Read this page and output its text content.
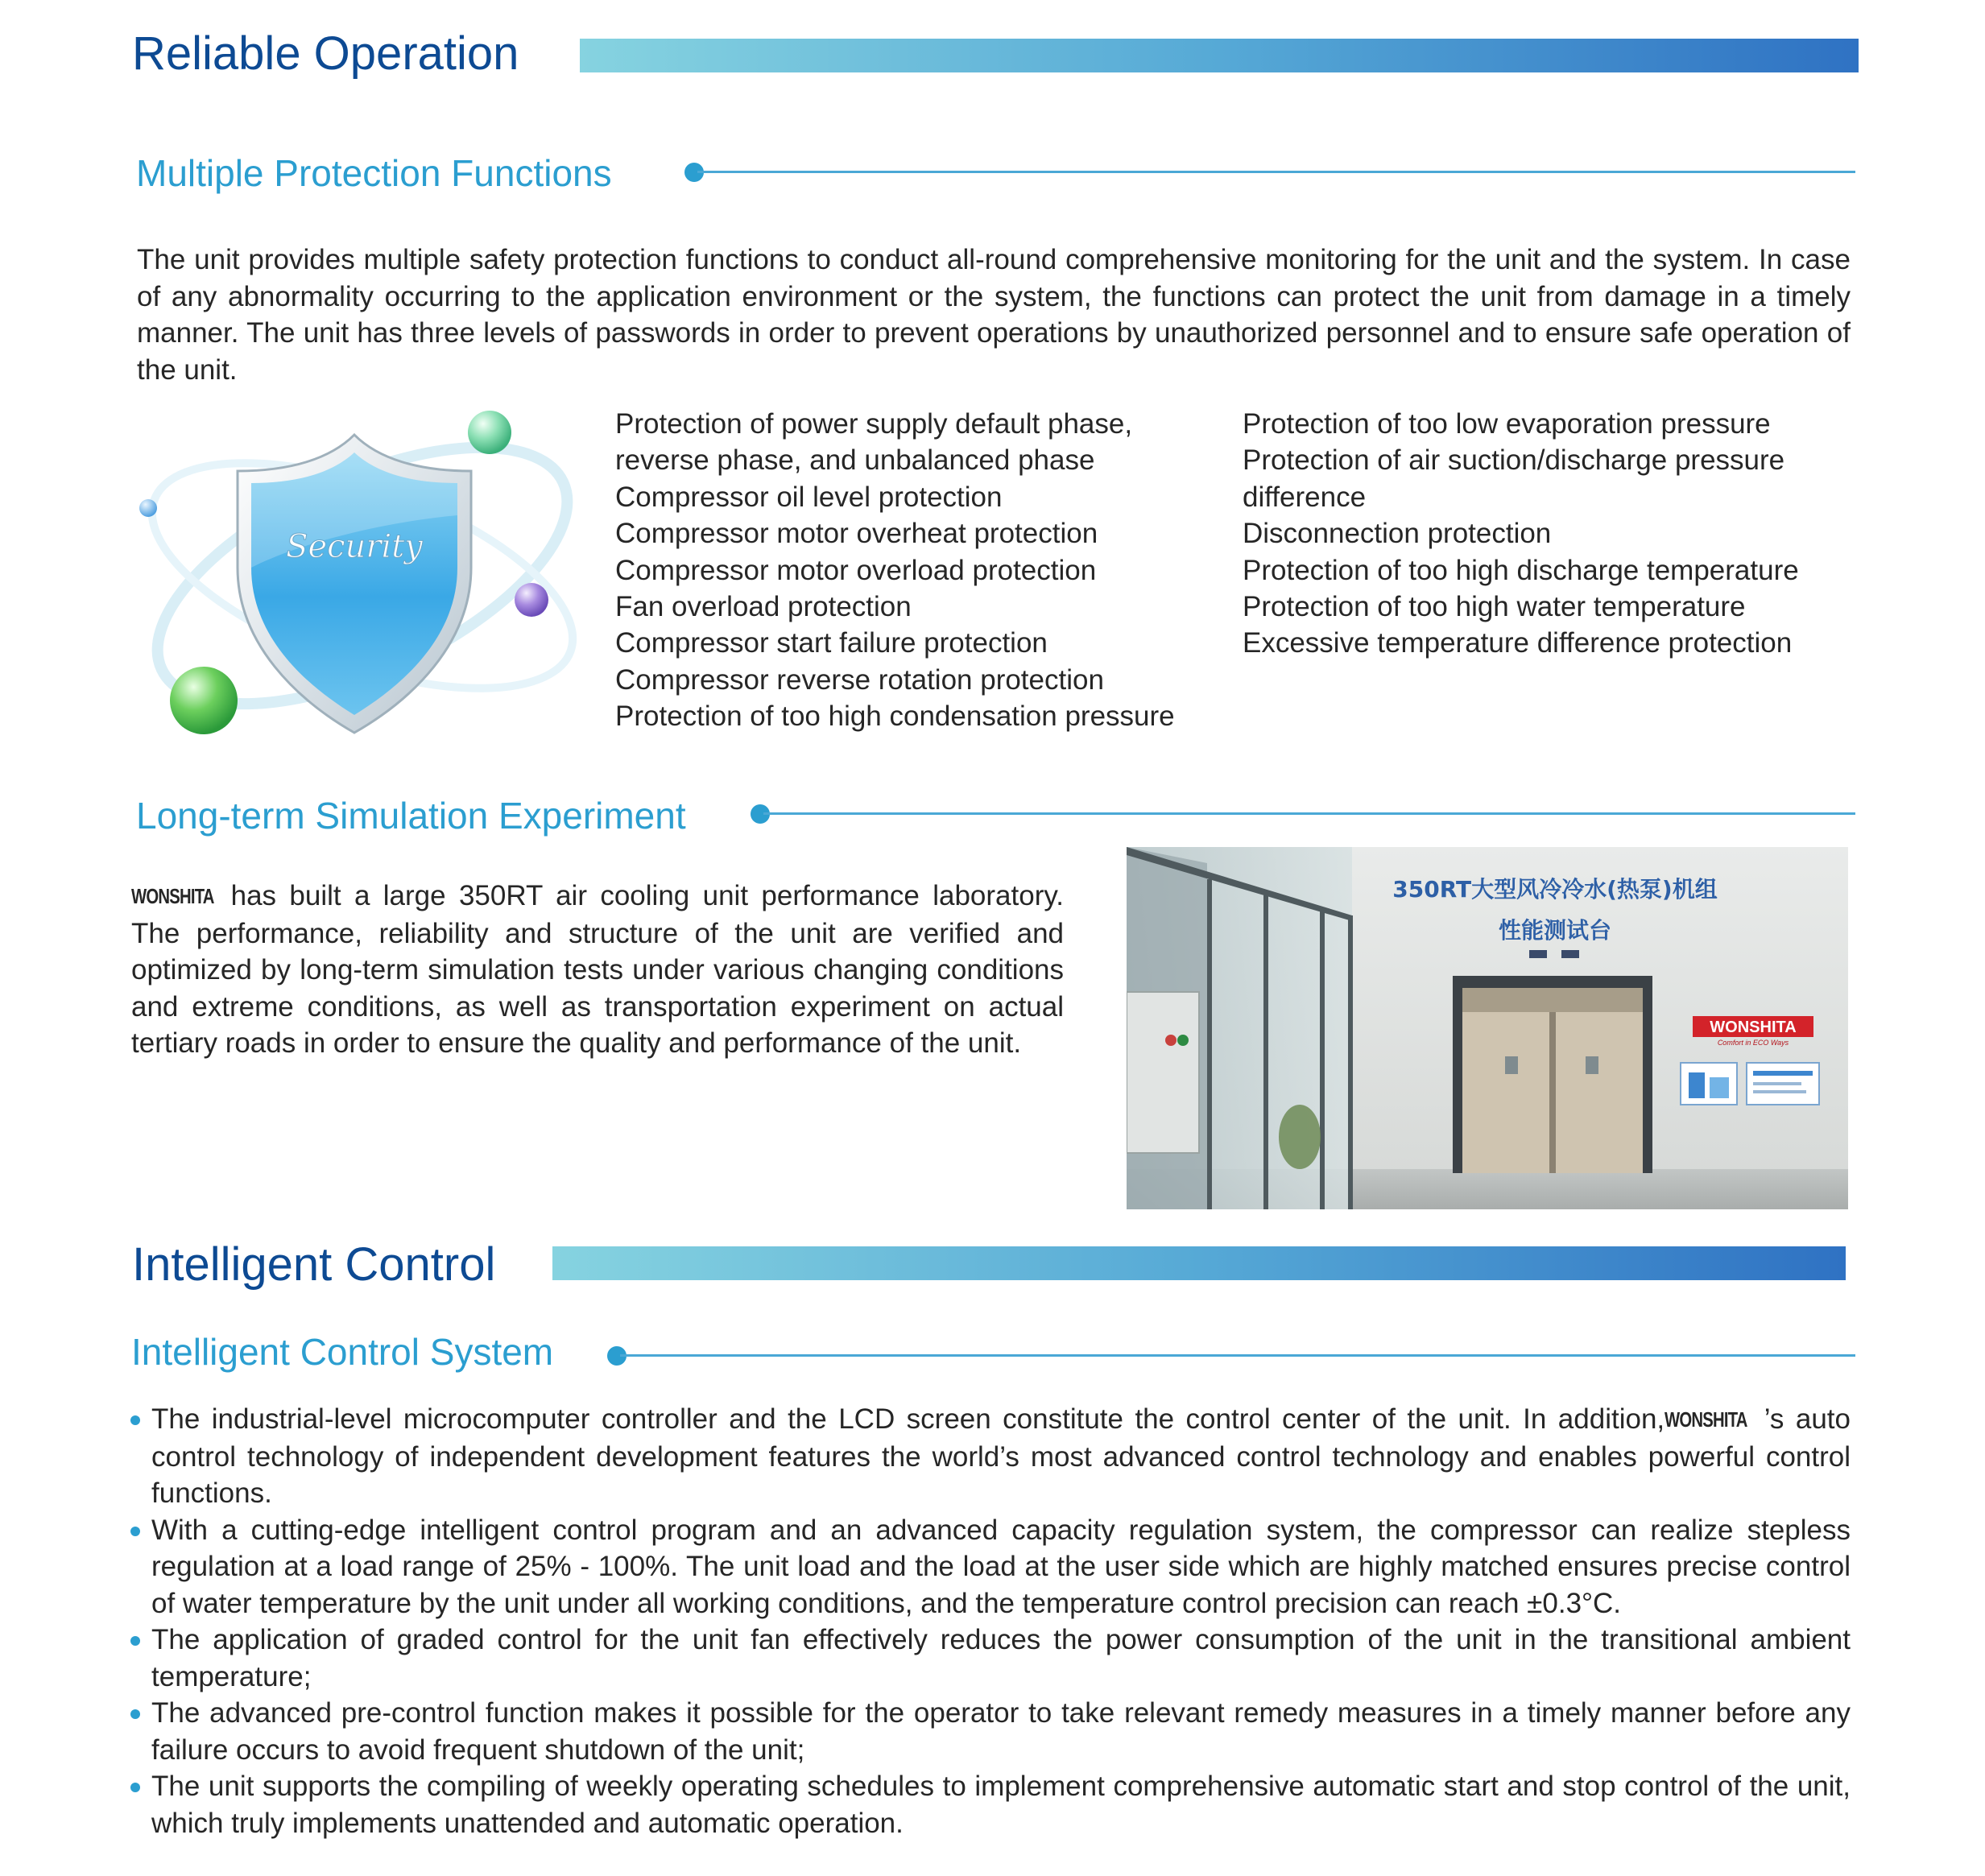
Reliable Operation
Multiple Protection Functions
The unit provides multiple safety protection functions to conduct all-round comprehensive monitoring for the unit and the system. In case of any abnormality occurring to the application environment or the system, the functions can protect the unit from damage in a timely manner. The unit has three levels of passwords in order to prevent operations by unauthorized personnel and to ensure safe operation of the unit.
Security
Protection of power supply default phase,
reverse phase, and unbalanced phase
Compressor oil level protection
Compressor motor overheat protection
Compressor motor overload protection
Fan overload protection
Compressor start failure protection
Compressor reverse rotation protection
Protection of too high condensation pressure
Protection of too low evaporation pressure
Protection of air suction/discharge pressure
difference
Disconnection protection
Protection of too high discharge temperature
Protection of too high water temperature
Excessive temperature difference protection
Long-term Simulation Experiment
WONSHITA has built a large 350RT air cooling unit performance laboratory. The performance, reliability and structure of the unit are verified and optimized by long-term simulation tests under various changing conditions and extreme conditions, as well as transportation experiment on actual tertiary roads in order to ensure the quality and performance of the unit.
350RT大型风冷冷水(热泵)机组
性能测试台
WONSHITA
Comfort in ECO Ways
Intelligent Control
Intelligent Control System
The industrial-level microcomputer controller and the LCD screen constitute the control center of the unit. In addition,WONSHITA ’s auto control technology of independent development features the world’s most advanced control technology and enables powerful control functions.
With a cutting-edge intelligent control program and an advanced capacity regulation system, the compressor can realize stepless regulation at a load range of 25% - 100%. The unit load and the load at the user side which are highly matched ensures precise control of water temperature by the unit under all working conditions, and the temperature control precision can reach ±0.3°C.
The application of graded control for the unit fan effectively reduces the power consumption of the unit in the transitional ambient temperature;
The advanced pre-control function makes it possible for the operator to take relevant remedy measures in a timely manner before any failure occurs to avoid frequent shutdown of the unit;
The unit supports the compiling of weekly operating schedules to implement comprehensive automatic start and stop control of the unit, which truly implements unattended and automatic operation.
